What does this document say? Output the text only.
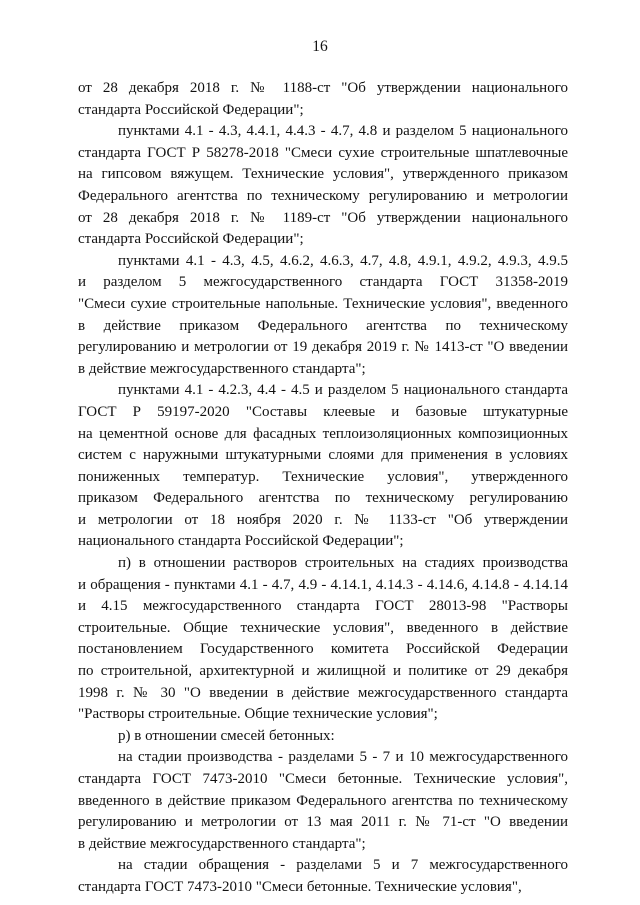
16
от 28 декабря 2018 г. № 1188-ст "Об утверждении национального
стандарта Российской Федерации";
пунктами 4.1 - 4.3, 4.4.1, 4.4.3 - 4.7, 4.8 и разделом 5 национального
стандарта ГОСТ Р 58278-2018 "Смеси сухие строительные шпатлевочные
на гипсовом вяжущем. Технические условия", утвержденного приказом
Федерального агентства по техническому регулированию и метрологии
от 28 декабря 2018 г. № 1189-ст "Об утверждении национального
стандарта Российской Федерации";
пунктами 4.1 - 4.3, 4.5, 4.6.2, 4.6.3, 4.7, 4.8, 4.9.1, 4.9.2, 4.9.3, 4.9.5
и разделом 5 межгосударственного стандарта ГОСТ 31358-2019
"Смеси сухие строительные напольные. Технические условия", введенного
в действие приказом Федерального агентства по техническому
регулированию и метрологии от 19 декабря 2019 г. № 1413-ст "О введении
в действие межгосударственного стандарта";
пунктами 4.1 - 4.2.3, 4.4 - 4.5 и разделом 5 национального стандарта
ГОСТ Р 59197-2020 "Составы клеевые и базовые штукатурные
на цементной основе для фасадных теплоизоляционных композиционных
систем с наружными штукатурными слоями для применения в условиях
пониженных температур. Технические условия", утвержденного
приказом Федерального агентства по техническому регулированию
и метрологии от 18 ноября 2020 г. № 1133-ст "Об утверждении
национального стандарта Российской Федерации";
п) в отношении растворов строительных на стадиях производства
и обращения - пунктами 4.1 - 4.7, 4.9 - 4.14.1, 4.14.3 - 4.14.6, 4.14.8 - 4.14.14
и 4.15 межгосударственного стандарта ГОСТ 28013-98 "Растворы
строительные. Общие технические условия", введенного в действие
постановлением Государственного комитета Российской Федерации
по строительной, архитектурной и жилищной и политике от 29 декабря
1998 г. № 30 "О введении в действие межгосударственного стандарта
"Растворы строительные. Общие технические условия";
р) в отношении смесей бетонных:
на стадии производства - разделами 5 - 7 и 10 межгосударственного
стандарта ГОСТ 7473-2010 "Смеси бетонные. Технические условия",
введенного в действие приказом Федерального агентства по техническому
регулированию и метрологии от 13 мая 2011 г. № 71-ст "О введении
в действие межгосударственного стандарта";
на стадии обращения - разделами 5 и 7 межгосударственного
стандарта ГОСТ 7473-2010 "Смеси бетонные. Технические условия",
